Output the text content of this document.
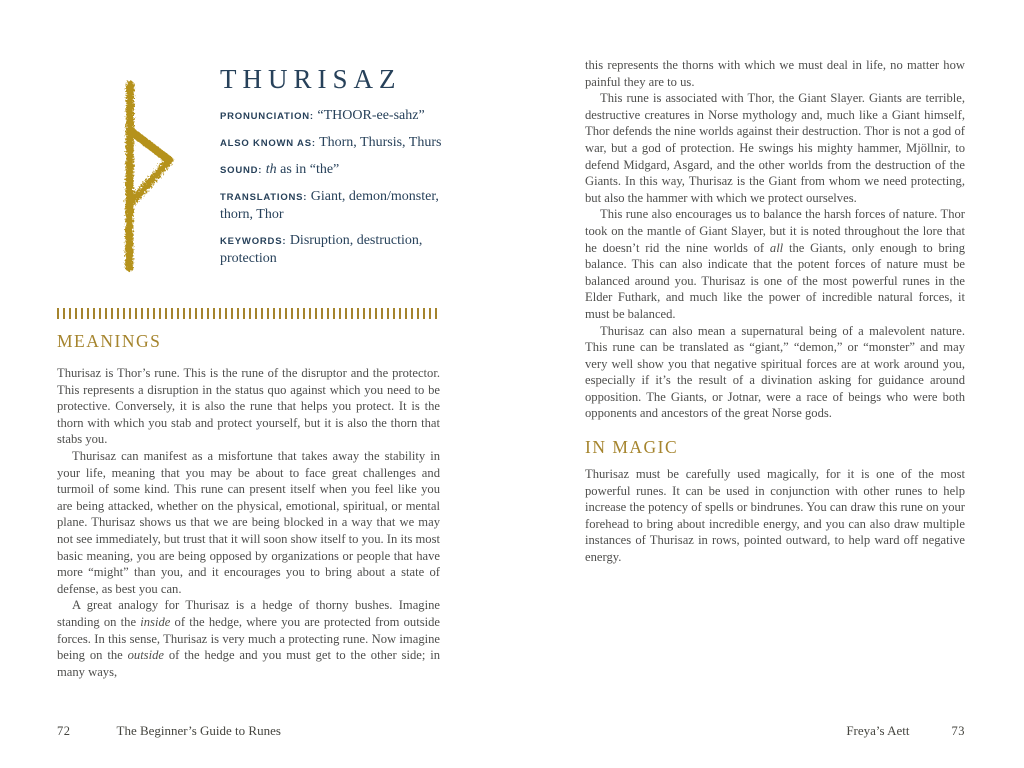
THURISAZ

PRONUNCIATION: “THOOR-ee-sahz”

ALSO KNOWN AS: Thorn, Thursis, Thurs

SOUND: th as in “the”

TRANSLATIONS: Giant, demon/monster, thorn, Thor

KEYWORDS: Disruption, destruction, protection

MEANINGS

Thurisaz is Thor’s rune. This is the rune of the disruptor and the protector. This represents a disruption in the status quo against which you need to be protective. Conversely, it is also the rune that helps you protect. It is the thorn with which you stab and protect yourself, but it is also the thorn that stabs you.

Thurisaz can manifest as a misfortune that takes away the stability in your life, meaning that you may be about to face great challenges and turmoil of some kind. This rune can present itself when you feel like you are being attacked, whether on the physical, emotional, spiritual, or mental plane. Thurisaz shows us that we are being blocked in a way that we may not see immediately, but trust that it will soon show itself to you. In its most basic meaning, you are being opposed by organizations or people that have more “might” than you, and it encourages you to bring about a state of defense, as best you can.

A great analogy for Thurisaz is a hedge of thorny bushes. Imagine standing on the inside of the hedge, where you are protected from outside forces. In this sense, Thurisaz is very much a protecting rune. Now imagine being on the outside of the hedge and you must get to the other side; in many ways,

72	The Beginner’s Guide to Runes

this represents the thorns with which we must deal in life, no matter how painful they are to us.

This rune is associated with Thor, the Giant Slayer. Giants are terrible, destructive creatures in Norse mythology and, much like a Giant himself, Thor defends the nine worlds against their destruction. Thor is not a god of war, but a god of protection. He swings his mighty hammer, Mjöllnir, to defend Midgard, Asgard, and the other worlds from the destruction of the Giants. In this way, Thurisaz is the Giant from whom we need protecting, but also the hammer with which we protect ourselves.

This rune also encourages us to balance the harsh forces of nature. Thor took on the mantle of Giant Slayer, but it is noted throughout the lore that he doesn’t rid the nine worlds of all the Giants, only enough to bring balance. This can also indicate that the potent forces of nature must be balanced around you. Thurisaz is one of the most powerful runes in the Elder Futhark, and much like the power of incredible natural forces, it must be balanced.

Thurisaz can also mean a supernatural being of a malevolent nature. This rune can be translated as “giant,” “demon,” or “monster” and may very well show you that negative spiritual forces are at work around you, especially if it’s the result of a divination asking for guidance around opposition. The Giants, or Jotnar, were a race of beings who were both opponents and ancestors of the great Norse gods.

IN MAGIC

Thurisaz must be carefully used magically, for it is one of the most powerful runes. It can be used in conjunction with other runes to help increase the potency of spells or bindrunes. You can draw this rune on your forehead to bring about incredible energy, and you can also draw multiple instances of Thurisaz in rows, pointed outward, to help ward off negative energy.

Freya’s Aett	73
